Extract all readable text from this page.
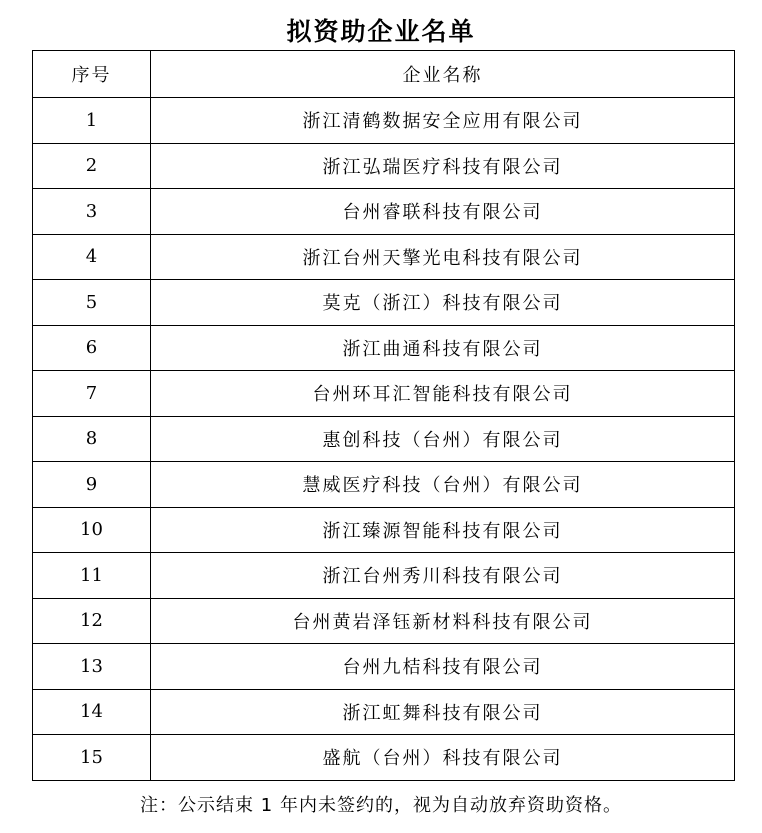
拟资助企业名单
序号	企业名称
1	浙江清鹤数据安全应用有限公司
2	浙江弘瑞医疗科技有限公司
3	台州睿联科技有限公司
4	浙江台州天擎光电科技有限公司
5	莫克（浙江）科技有限公司
6	浙江曲通科技有限公司
7	台州环耳汇智能科技有限公司
8	惠创科技（台州）有限公司
9	慧威医疗科技（台州）有限公司
10	浙江臻源智能科技有限公司
11	浙江台州秀川科技有限公司
12	台州黄岩泽钰新材料科技有限公司
13	台州九桔科技有限公司
14	浙江虹舞科技有限公司
15	盛航（台州）科技有限公司
注：公示结束 1 年内未签约的，视为自动放弃资助资格。
